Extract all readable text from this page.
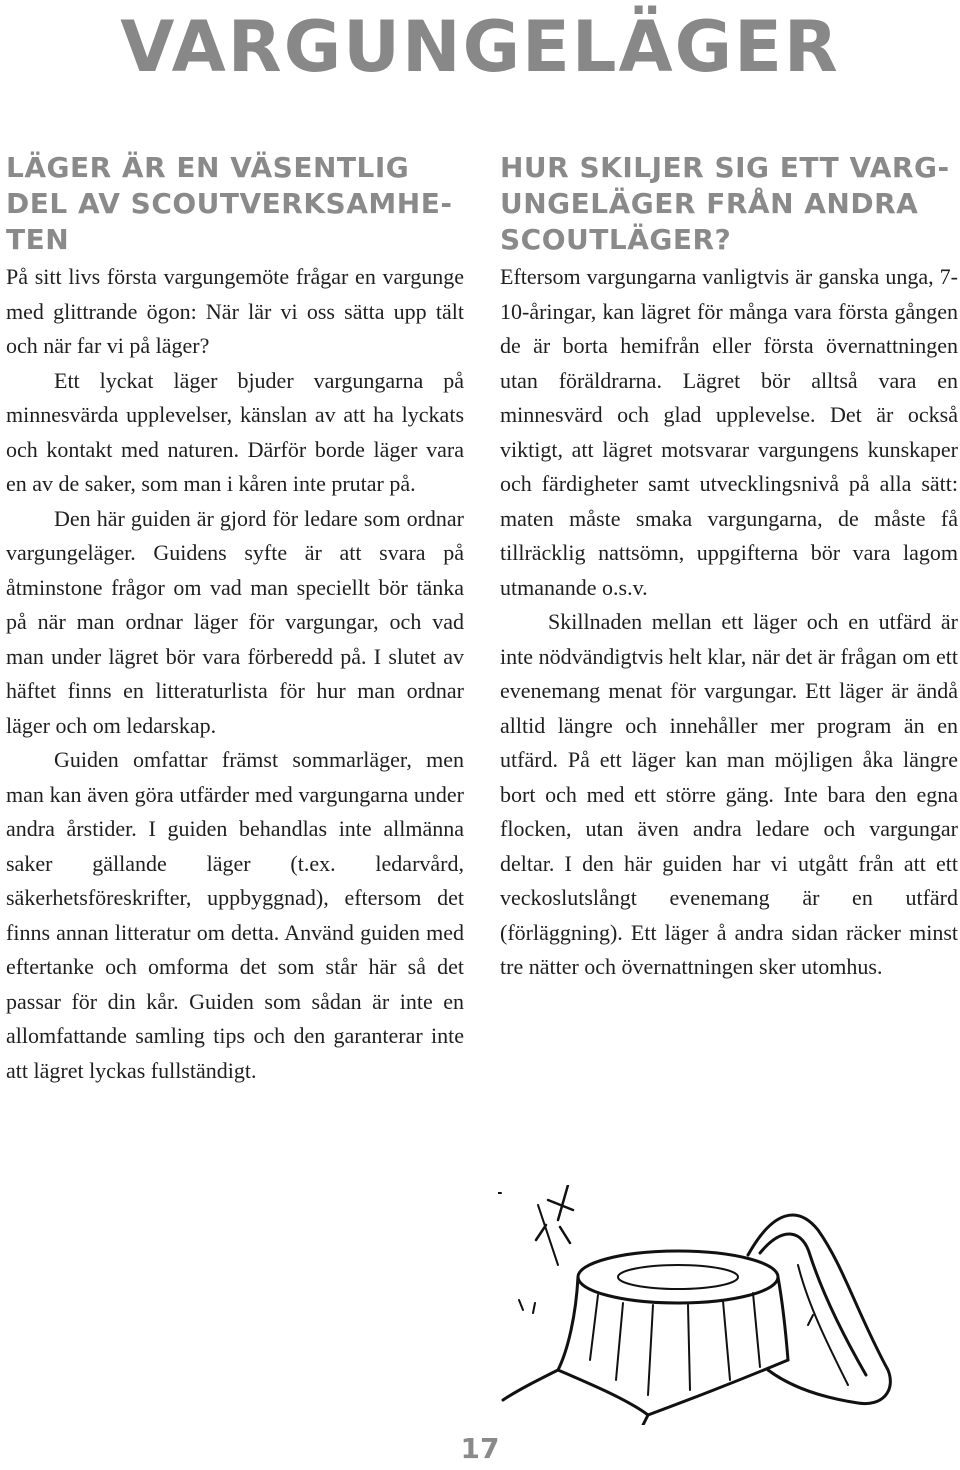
VARGUNGELÄGER
LÄGER ÄR EN VÄSENTLIG
DEL AV SCOUTVERKSAMHE-
TEN

På sitt livs första vargungemöte frågar en vargunge med glittrande ögon: När lär vi oss sätta upp tält och när far vi på läger?

Ett lyckat läger bjuder vargungarna på minnesvärda upplevelser, känslan av att ha lyckats och kontakt med naturen. Därför borde läger vara en av de saker, som man i kåren inte prutar på.

Den här guiden är gjord för ledare som ordnar vargungeläger. Guidens syfte är att svara på åtminstone frågor om vad man speciellt bör tänka på när man ordnar läger för vargungar, och vad man under lägret bör vara förberedd på. I slutet av häftet finns en litteraturlista för hur man ordnar läger och om ledarskap.

Guiden omfattar främst sommarläger, men man kan även göra utfärder med vargungarna under andra årstider. I guiden behandlas inte allmänna saker gällande läger (t.ex. ledarvård, säkerhetsföreskrifter, uppbyggnad), eftersom det finns annan litteratur om detta. Använd guiden med eftertanke och omforma det som står här så det passar för din kår. Guiden som sådan är inte en allomfattande samling tips och den garanterar inte att lägret lyckas fullständigt.

HUR SKILJER SIG ETT VARG-
UNGELÄGER FRÅN ANDRA
SCOUTLÄGER?

Eftersom vargungarna vanligtvis är ganska unga, 7-10-åringar, kan lägret för många vara första gången de är borta hemifrån eller första övernattningen utan föräldrarna. Lägret bör alltså vara en minnesvärd och glad upplevelse. Det är också viktigt, att lägret motsvarar vargungens kunskaper och färdigheter samt utvecklingsnivå på alla sätt: maten måste smaka vargungarna, de måste få tillräcklig nattsömn, uppgifterna bör vara lagom utmanande o.s.v.

Skillnaden mellan ett läger och en utfärd är inte nödvändigtvis helt klar, när det är frågan om ett evenemang menat för vargungar. Ett läger är ändå alltid längre och innehåller mer program än en utfärd. På ett läger kan man möjligen åka längre bort och med ett större gäng. Inte bara den egna flocken, utan även andra ledare och vargungar deltar. I den här guiden har vi utgått från att ett veckoslutslångt evenemang är en utfärd (förläggning). Ett läger å andra sidan räcker minst tre nätter och övernattningen sker utomhus.

17
